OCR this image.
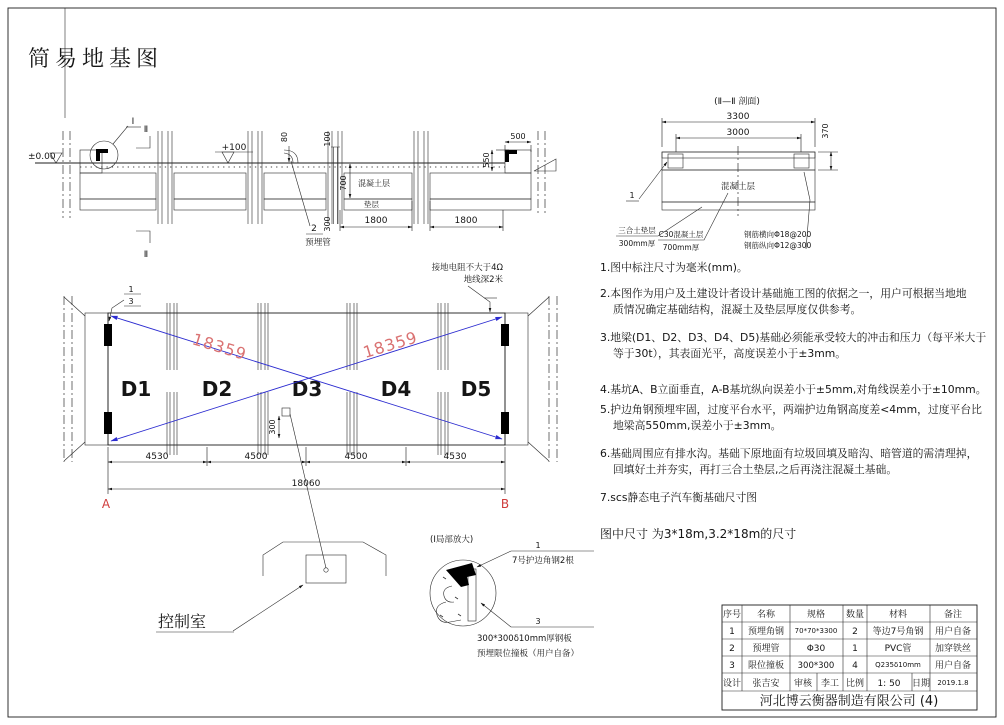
简易地基图
±0.00
Ⅰ
Ⅱ
Ⅱ
+100
80
2
预埋管
100
300
700 混凝土层
垫层
1800	1800
500
550
(Ⅱ—Ⅱ 剖面)
3300
3000
混凝土层
370
1
三合土垫层
300mm厚
C30混凝土层
700mm厚
钢筋横向Φ18@200
钢筋纵向Φ12@300
1.图中标注尺寸为毫米(mm)。
2.本图作为用户及土建设计者设计基础施工图的依据之一，用户可根据当地地
质情况确定基础结构，混凝土及垫层厚度仅供参考。
3.地梁(D1、D2、D3、D4、D5)基础必须能承受较大的冲击和压力（每平米大于
等于30t），其表面光平，高度误差小于±3mm。
4.基坑A、B立面垂直，A-B基坑纵向误差小于±5mm,对角线误差小于±10mm。
5.护边角钢预埋牢固，过度平台水平，两端护边角钢高度差<4mm，过度平台比
地梁高550mm,误差小于±3mm。
6.基础周围应有排水沟。基础下原地面有垃圾回填及暗沟、暗管道的需清理掉，
回填好土并夯实，再打三合土垫层,之后再浇注混凝土基础。
7.scs静态电子汽车衡基础尺寸图
图中尺寸 为3*18m,3.2*18m的尺寸
D1	D2	D3	D4 D5
18359	18359
1
3
接地电阻不大于4Ω
地线深2米
300
4530	4500	4500	4530
18060
A	B
控制室
(Ⅰ局部放大)
1
7号护边角钢2根
3
300*300δ10mm厚钢板
预埋限位撞板（用户自备）
序号 名称	规格 数量	材料	备注
1 预埋角钢 70*70*3300 2 等边7号角钢 用户自备
2 预埋管	Φ30	1	PVC管	加穿铁丝
3 限位撞板 300*300 4 Q235δ10mm 用户自备
设计 张吉安 审核 李工 比例 1: 50 日期 2019.1.8
河北博云衡器制造有限公司 (4)
